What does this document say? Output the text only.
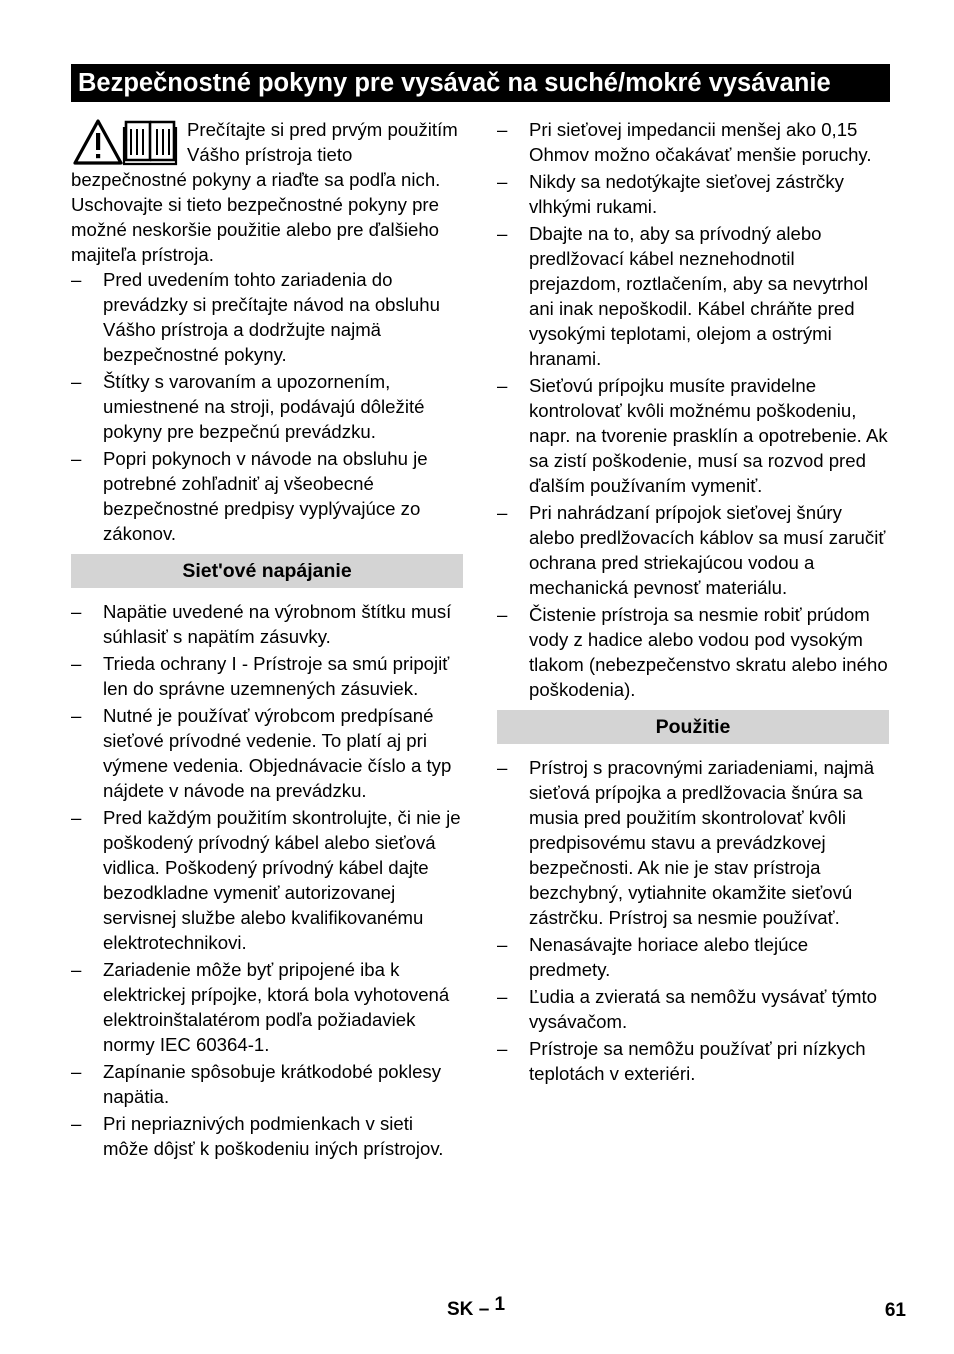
Bezpečnostné pokyny pre vysávač na suché/mokré vysávanie
Prečítajte si pred prvým použitím Vášho prístroja tieto bezpečnostné pokyny a riaďte sa podľa nich. Uschovajte si tieto bezpečnostné pokyny pre možné neskoršie použitie alebo pre ďalšieho majiteľa prístroja.
– Pred uvedením tohto zariadenia do prevádzky si prečítajte návod na obsluhu Vášho prístroja a dodržujte najmä bezpečnostné pokyny.
– Štítky s varovaním a upozornením, umiestnené na stroji, podávajú dôležité pokyny pre bezpečnú prevádzku.
– Popri pokynoch v návode na obsluhu je potrebné zohľadniť aj všeobecné bezpečnostné predpisy vyplývajúce zo zákonov.
Siet'ové napájanie
– Napätie uvedené na výrobnom štítku musí súhlasiť s napätím zásuvky.
– Trieda ochrany I - Prístroje sa smú pripojiť len do správne uzemnených zásuviek.
– Nutné je používať výrobcom predpísané sieťové prívodné vedenie. To platí aj pri výmene vedenia. Objednávacie číslo a typ nájdete v návode na prevádzku.
– Pred každým použitím skontrolujte, či nie je poškodený prívodný kábel alebo sieťová vidlica. Poškodený prívodný kábel dajte bezodkladne vymeniť autorizovanej servisnej službe alebo kvalifikovanému elektrotechnikovi.
– Zariadenie môže byť pripojené iba k elektrickej prípojke, ktorá bola vyhotovená elektroinštalatérom podľa požiadaviek normy IEC 60364-1.
– Zapínanie spôsobuje krátkodobé poklesy napätia.
– Pri nepriaznivých podmienkach v sieti môže dôjsť k poškodeniu iných prístrojov.
– Pri sieťovej impedancii menšej ako 0,15 Ohmov možno očakávať menšie poruchy.
– Nikdy sa nedotýkajte sieťovej zástrčky vlhkými rukami.
– Dbajte na to, aby sa prívodný alebo predlžovací kábel neznehodnotil prejazdom, roztlačením, aby sa nevytrhol ani inak nepoškodil. Kábel chráňte pred vysokými teplotami, olejom a ostrými hranami.
– Sieťovú prípojku musíte pravidelne kontrolovať kvôli možnému poškodeniu, napr. na tvorenie prasklín a opotrebenie. Ak sa zistí poškodenie, musí sa rozvod pred ďalším používaním vymeniť.
– Pri nahrádzaní prípojok sieťovej šnúry alebo predlžovacích káblov sa musí zaručiť ochrana pred striekajúcou vodou a mechanická pevnosť materiálu.
– Čistenie prístroja sa nesmie robiť prúdom vody z hadice alebo vodou pod vysokým tlakom (nebezpečenstvo skratu alebo iného poškodenia).
Použitie
– Prístroj s pracovnými zariadeniami, najmä sieťová prípojka a predlžovacia šnúra sa musia pred použitím skontrolovať kvôli predpisovému stavu a prevádzkovej bezpečnosti. Ak nie je stav prístroja bezchybný, vytiahnite okamžite sieťovú zástrčku. Prístroj sa nesmie používať.
– Nenasávajte horiace alebo tlejúce predmety.
– Ľudia a zvieratá sa nemôžu vysávať týmto vysávačom.
– Prístroje sa nemôžu používať pri nízkych teplotách v exteriéri.
SK – 1	61
